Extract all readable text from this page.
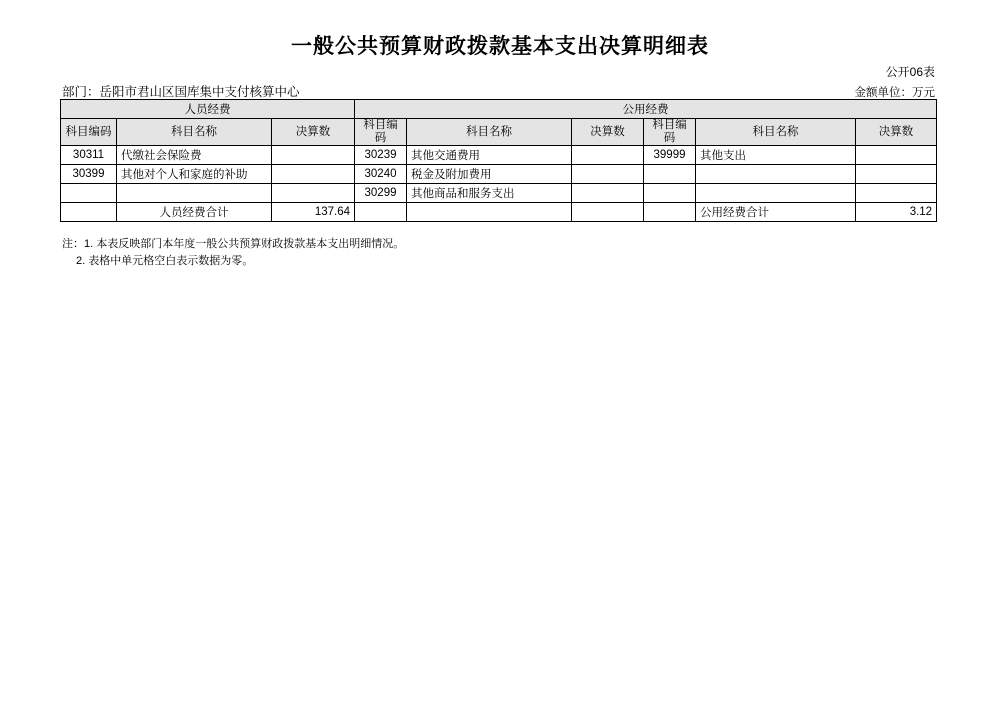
一般公共预算财政拨款基本支出决算明细表
公开06表
部门：岳阳市君山区国库集中支付核算中心	金额单位：万元
人员经费			公用经费					
科目编码	科目名称	决算数	科目编码	科目名称	决算数	科目编码	科目名称	决算数
30311	代缴社会保险费		30239	其他交通费用		39999	其他支出	
30399	其他对个人和家庭的补助		30240	税金及附加费用				
			30299	其他商品和服务支出				
	人员经费合计	137.64					公用经费合计	3.12
注：1. 本表反映部门本年度一般公共预算财政拨款基本支出明细情况。
2. 表格中单元格空白表示数据为零。
